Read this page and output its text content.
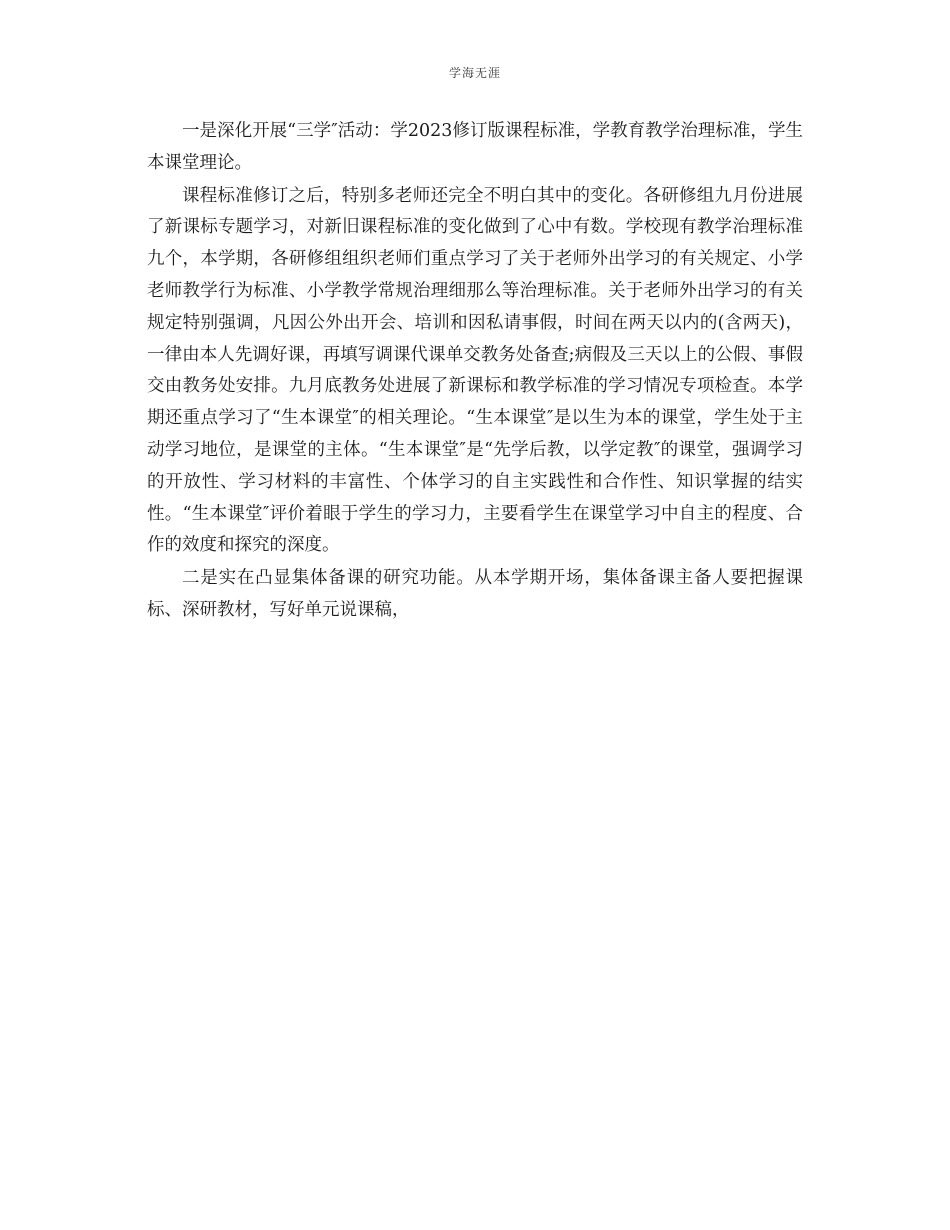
学海无涯

一是深化开展“三学″活动：学2023修订版课程标准，学教育教学治理标准，学生本课堂理论。

课程标准修订之后，特别多老师还完全不明白其中的变化。各研修组九月份进展了新课标专题学习，对新旧课程标准的变化做到了心中有数。学校现有教学治理标准九个，本学期，各研修组组织老师们重点学习了关于老师外出学习的有关规定、小学老师教学行为标准、小学教学常规治理细那么等治理标准。关于老师外出学习的有关规定特别强调，凡因公外出开会、培训和因私请事假，时间在两天以内的(含两天)，一律由本人先调好课，再填写调课代课单交教务处备查;病假及三天以上的公假、事假交由教务处安排。九月底教务处进展了新课标和教学标准的学习情况专项检查。本学期还重点学习了“生本课堂″的相关理论。“生本课堂″是以生为本的课堂，学生处于主动学习地位，是课堂的主体。“生本课堂″是“先学后教，以学定教″的课堂，强调学习的开放性、学习材料的丰富性、个体学习的自主实践性和合作性、知识掌握的结实性。“生本课堂″评价着眼于学生的学习力，主要看学生在课堂学习中自主的程度、合作的效度和探究的深度。

二是实在凸显集体备课的研究功能。从本学期开场，集体备课主备人要把握课标、深研教材，写好单元说课稿，
